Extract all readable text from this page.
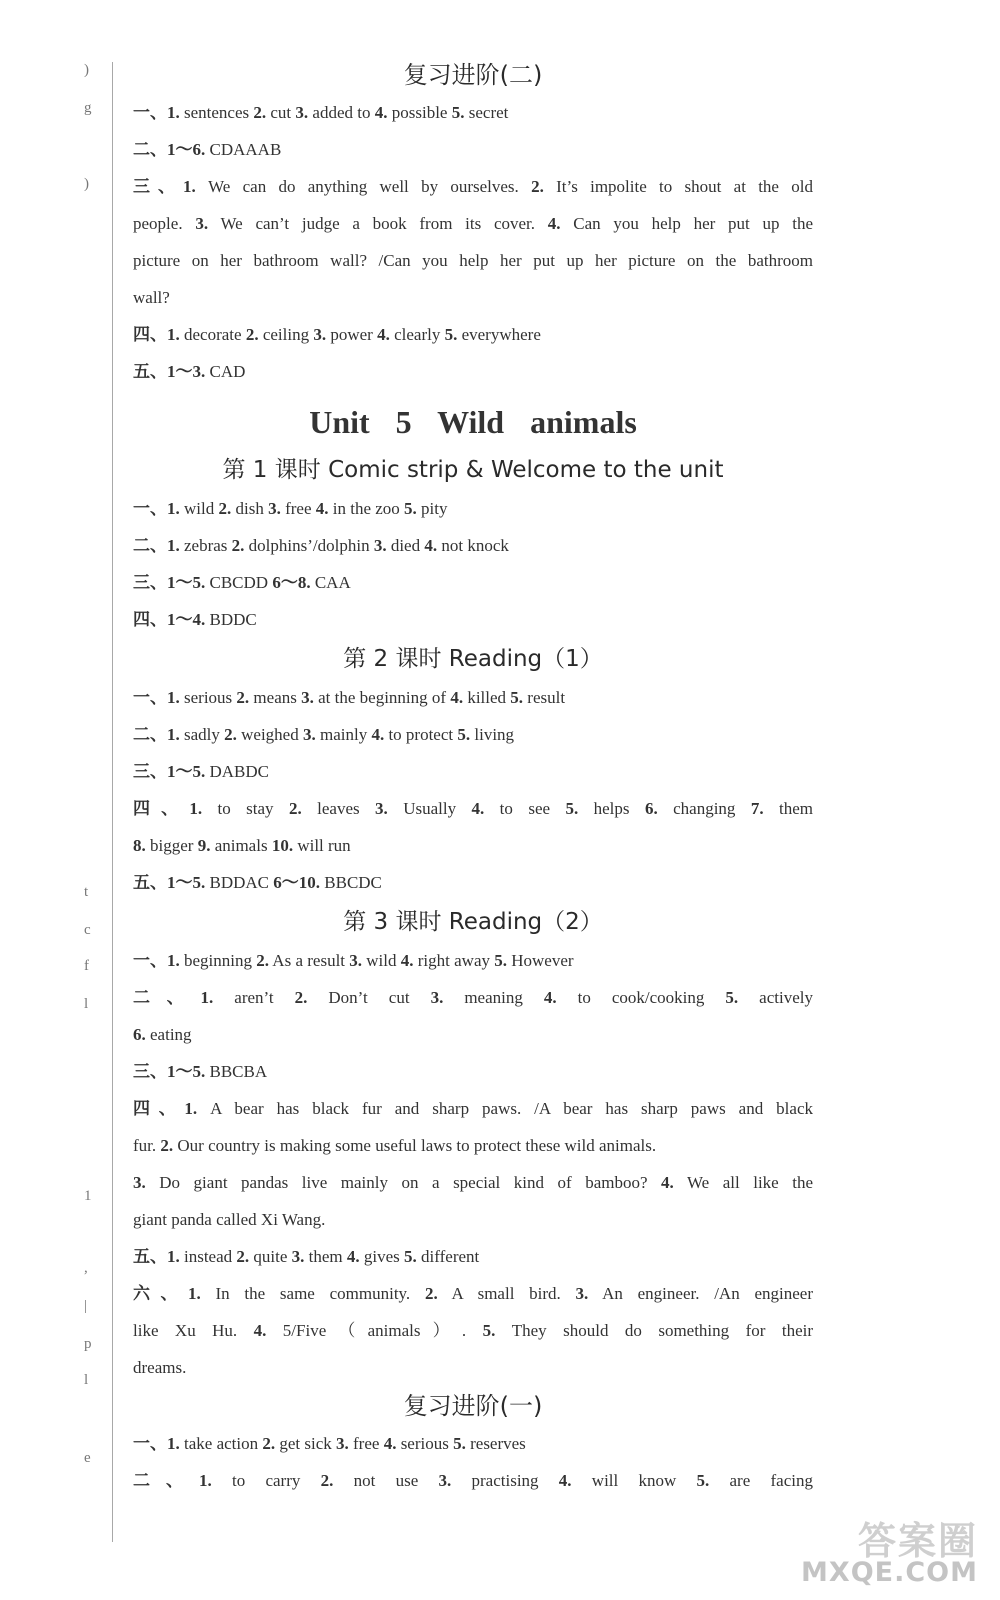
)
g
)
t
c
f
l
1
,
|
p
l
e
复习进阶(二)
一、1. sentences 2. cut 3. added to 4. possible 5. secret
二、1～6. CDAAAB
三、1. We can do anything well by ourselves. 2. It’s impolite to shout at the old
people. 3. We can’t judge a book from its cover. 4. Can you help her put up the
picture on her bathroom wall? /Can you help her put up her picture on the bathroom
wall?
四、1. decorate 2. ceiling 3. power 4. clearly 5. everywhere
五、1～3. CAD
Unit 5 Wild animals
第 1 课时 Comic strip & Welcome to the unit
一、1. wild 2. dish 3. free 4. in the zoo 5. pity
二、1. zebras 2. dolphins’/dolphin 3. died 4. not knock
三、1～5. CBCDD 6～8. CAA
四、1～4. BDDC
第 2 课时 Reading（1）
一、1. serious 2. means 3. at the beginning of 4. killed 5. result
二、1. sadly 2. weighed 3. mainly 4. to protect 5. living
三、1～5. DABDC
四、1. to stay 2. leaves 3. Usually 4. to see 5. helps 6. changing 7. them
8. bigger 9. animals 10. will run
五、1～5. BDDAC 6～10. BBCDC
第 3 课时 Reading（2）
一、1. beginning 2. As a result 3. wild 4. right away 5. However
二、1. aren’t 2. Don’t cut 3. meaning 4. to cook/cooking 5. actively
6. eating
三、1～5. BBCBA
四、1. A bear has black fur and sharp paws. /A bear has sharp paws and black
fur. 2. Our country is making some useful laws to protect these wild animals.
3. Do giant pandas live mainly on a special kind of bamboo? 4. We all like the
giant panda called Xi Wang.
五、1. instead 2. quite 3. them 4. gives 5. different
六、1. In the same community. 2. A small bird. 3. An engineer. /An engineer
like Xu Hu. 4. 5/Five（animals）. 5. They should do something for their
dreams.
复习进阶(一)
一、1. take action 2. get sick 3. free 4. serious 5. reserves
二、1. to carry 2. not use 3. practising 4. will know 5. are facing
答案圈
MXQE.COM
